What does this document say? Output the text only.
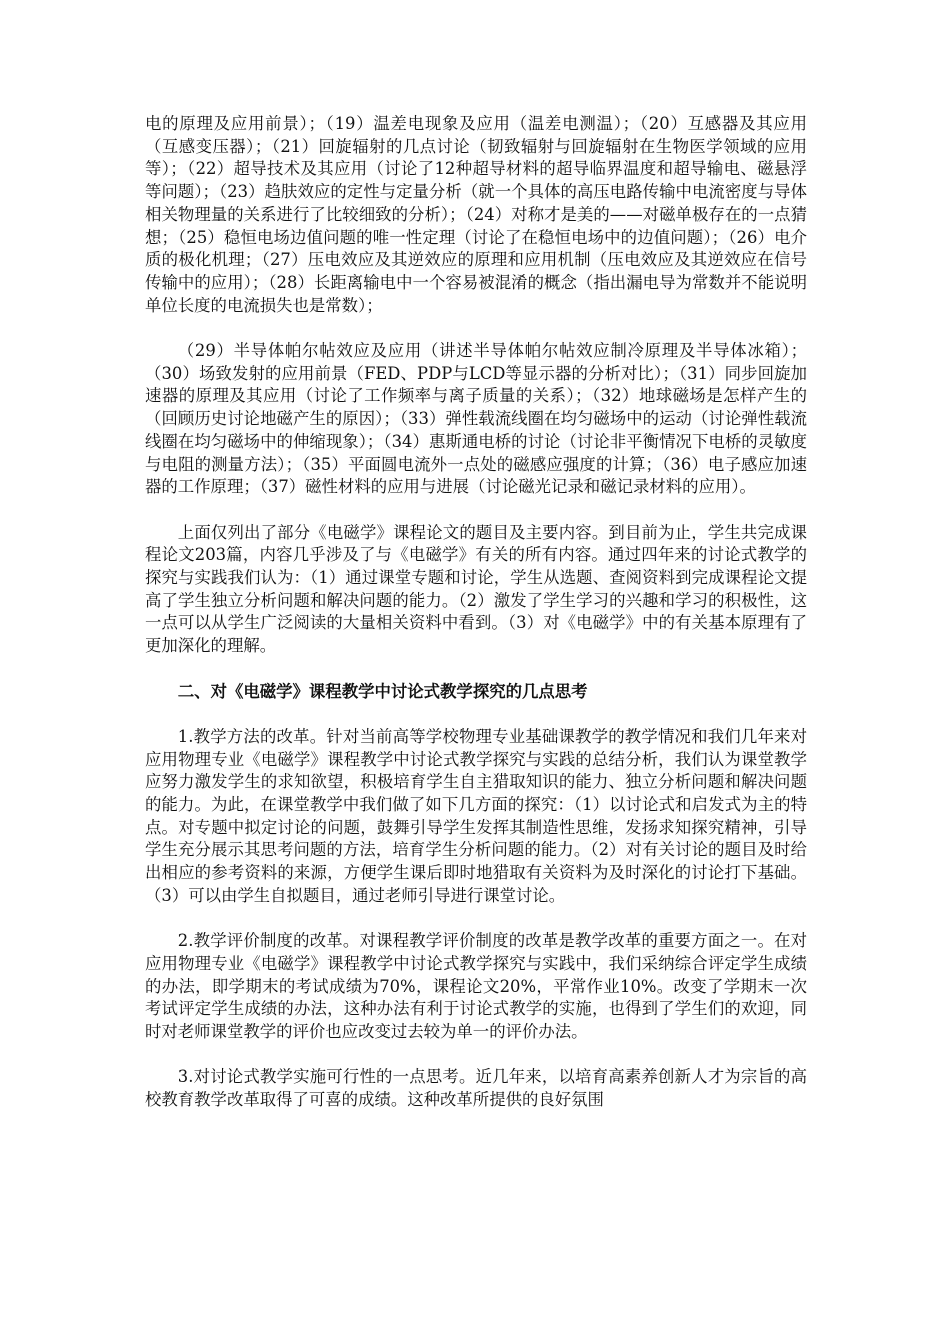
电的原理及应用前景）；（19）温差电现象及应用（温差电测温）；（20）互感器及其应用（互感变压器）；（21）回旋辐射的几点讨论（韧致辐射与回旋辐射在生物医学领域的应用等）；（22）超导技术及其应用（讨论了12种超导材料的超导临界温度和超导输电、磁悬浮等问题）；（23）趋肤效应的定性与定量分析（就一个具体的高压电路传输中电流密度与导体相关物理量的关系进行了比较细致的分析）；（24）对称才是美的——对磁单极存在的一点猜想；（25）稳恒电场边值问题的唯一性定理（讨论了在稳恒电场中的边值问题）；（26）电介质的极化机理；（27）压电效应及其逆效应的原理和应用机制（压电效应及其逆效应在信号传输中的应用）；（28）长距离输电中一个容易被混淆的概念（指出漏电导为常数并不能说明单位长度的电流损失也是常数）；

（29）半导体帕尔帖效应及应用（讲述半导体帕尔帖效应制冷原理及半导体冰箱）；（30）场致发射的应用前景（FED、PDP与LCD等显示器的分析对比）；（31）同步回旋加速器的原理及其应用（讨论了工作频率与离子质量的关系）；（32）地球磁场是怎样产生的（回顾历史讨论地磁产生的原因）；（33）弹性载流线圈在均匀磁场中的运动（讨论弹性载流线圈在均匀磁场中的伸缩现象）；（34）惠斯通电桥的讨论（讨论非平衡情况下电桥的灵敏度与电阻的测量方法）；（35）平面圆电流外一点处的磁感应强度的计算；（36）电子感应加速器的工作原理；（37）磁性材料的应用与进展（讨论磁光记录和磁记录材料的应用）。

上面仅列出了部分《电磁学》课程论文的题目及主要内容。到目前为止，学生共完成课程论文203篇，内容几乎涉及了与《电磁学》有关的所有内容。通过四年来的讨论式教学的探究与实践我们认为：（1）通过课堂专题和讨论，学生从选题、查阅资料到完成课程论文提高了学生独立分析问题和解决问题的能力。（2）激发了学生学习的兴趣和学习的积极性，这一点可以从学生广泛阅读的大量相关资料中看到。（3）对《电磁学》中的有关基本原理有了更加深化的理解。

二、对《电磁学》课程教学中讨论式教学探究的几点思考

1.教学方法的改革。针对当前高等学校物理专业基础课教学的教学情况和我们几年来对应用物理专业《电磁学》课程教学中讨论式教学探究与实践的总结分析，我们认为课堂教学应努力激发学生的求知欲望，积极培育学生自主猎取知识的能力、独立分析问题和解决问题的能力。为此，在课堂教学中我们做了如下几方面的探究：（1）以讨论式和启发式为主的特点。对专题中拟定讨论的问题，鼓舞引导学生发挥其制造性思维，发扬求知探究精神，引导学生充分展示其思考问题的方法，培育学生分析问题的能力。（2）对有关讨论的题目及时给出相应的参考资料的来源，方便学生课后即时地猎取有关资料为及时深化的讨论打下基础。（3）可以由学生自拟题目，通过老师引导进行课堂讨论。

2.教学评价制度的改革。对课程教学评价制度的改革是教学改革的重要方面之一。在对应用物理专业《电磁学》课程教学中讨论式教学探究与实践中，我们采纳综合评定学生成绩的办法，即学期末的考试成绩为70%，课程论文20%，平常作业10%。改变了学期末一次考试评定学生成绩的办法，这种办法有利于讨论式教学的实施，也得到了学生们的欢迎，同时对老师课堂教学的评价也应改变过去较为单一的评价办法。

3.对讨论式教学实施可行性的一点思考。近几年来，以培育高素养创新人才为宗旨的高校教育教学改革取得了可喜的成绩。这种改革所提供的良好氛围
